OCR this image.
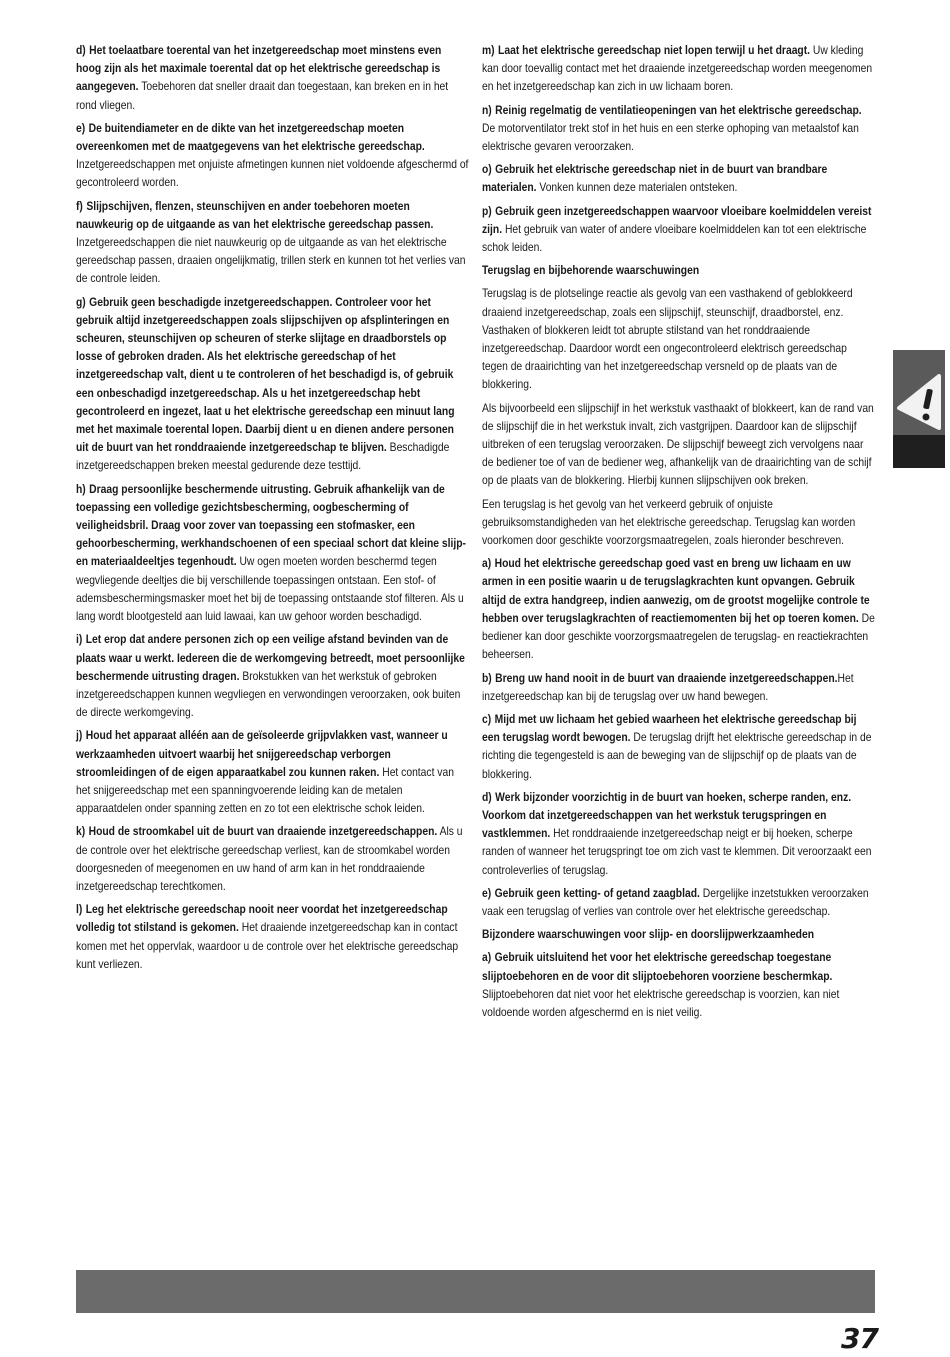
d) Het toelaatbare toerental van het inzetgereedschap moet minstens even hoog zijn als het maximale toerental dat op het elektrische gereedschap is aangegeven. Toebehoren dat sneller draait dan toegestaan, kan breken en in het rond vliegen.

e) De buitendiameter en de dikte van het inzetgereedschap moeten overeenkomen met de maatgegevens van het elektrische gereedschap. Inzetgereedschappen met onjuiste afmetingen kunnen niet voldoende afgeschermd of gecontroleerd worden.

f) Slijpschijven, flenzen, steunschijven en ander toebehoren moeten nauwkeurig op de uitgaande as van het elektrische gereedschap passen. Inzetgereedschappen die niet nauwkeurig op de uitgaande as van het elektrische gereedschap passen, draaien ongelijkmatig, trillen sterk en kunnen tot het verlies van de controle leiden.

g) Gebruik geen beschadigde inzetgereedschappen. Controleer voor het gebruik altijd inzetgereedschappen zoals slijpschijven op afsplinteringen en scheuren, steunschijven op scheuren of sterke slijtage en draadborstels op losse of gebroken draden. Als het elektrische gereedschap of het inzetgereedschap valt, dient u te controleren of het beschadigd is, of gebruik een onbeschadigd inzetgereedschap. Als u het inzetgereedschap hebt gecontroleerd en ingezet, laat u het elektrische gereedschap een minuut lang met het maximale toerental lopen. Daarbij dient u en dienen andere personen uit de buurt van het ronddraaiende inzetgereedschap te blijven. Beschadigde inzetgereedschappen breken meestal gedurende deze testtijd.

h) Draag persoonlijke beschermende uitrusting. Gebruik afhankelijk van de toepassing een volledige gezichtsbescherming, oogbescherming of veiligheidsbril. Draag voor zover van toepassing een stofmasker, een gehoorbescherming, werkhandschoenen of een speciaal schort dat kleine slijp- en materiaaldeeltjes tegenhoudt. Uw ogen moeten worden beschermd tegen wegvliegende deeltjes die bij verschillende toepassingen ontstaan. Een stof- of ademsbeschermingsmasker moet het bij de toepassing ontstaande stof filteren. Als u lang wordt blootgesteld aan luid lawaai, kan uw gehoor worden beschadigd.

i) Let erop dat andere personen zich op een veilige afstand bevinden van de plaats waar u werkt. Iedereen die de werkomgeving betreedt, moet persoonlijke beschermende uitrusting dragen. Brokstukken van het werkstuk of gebroken inzetgereedschappen kunnen wegvliegen en verwondingen veroorzaken, ook buiten de directe werkomgeving.

j) Houd het apparaat alléén aan de geïsoleerde grijpvlakken vast, wanneer u werkzaamheden uitvoert waarbij het snijgereedschap verborgen stroomleidingen of de eigen apparaatkabel zou kunnen raken. Het contact van het snijgereedschap met een spanningvoerende leiding kan de metalen apparaatdelen onder spanning zetten en zo tot een elektrische schok leiden.

k) Houd de stroomkabel uit de buurt van draaiende inzetgereedschappen. Als u de controle over het elektrische gereedschap verliest, kan de stroomkabel worden doorgesneden of meegenomen en uw hand of arm kan in het ronddraaiende inzetgereedschap terechtkomen.

l) Leg het elektrische gereedschap nooit neer voordat het inzetgereedschap volledig tot stilstand is gekomen. Het draaiende inzetgereedschap kan in contact komen met het oppervlak, waardoor u de controle over het elektrische gereedschap kunt verliezen.

m) Laat het elektrische gereedschap niet lopen terwijl u het draagt. Uw kleding kan door toevallig contact met het draaiende inzetgereedschap worden meegenomen en het inzetgereedschap kan zich in uw lichaam boren.

n) Reinig regelmatig de ventilatieopeningen van het elektrische gereedschap. De motorventilator trekt stof in het huis en een sterke ophoping van metaalstof kan elektrische gevaren veroorzaken.

o) Gebruik het elektrische gereedschap niet in de buurt van brandbare materialen. Vonken kunnen deze materialen ontsteken.

p) Gebruik geen inzetgereedschappen waarvoor vloeibare koelmiddelen vereist zijn. Het gebruik van water of andere vloeibare koelmiddelen kan tot een elektrische schok leiden.

Terugslag en bijbehorende waarschuwingen

Terugslag is de plotselinge reactie als gevolg van een vasthakend of geblokkeerd draaiend inzetgereedschap, zoals een slijpschijf, steunschijf, draadborstel, enz. Vasthaken of blokkeren leidt tot abrupte stilstand van het ronddraaiende inzetgereedschap. Daardoor wordt een ongecontroleerd elektrisch gereedschap tegen de draairichting van het inzetgereedschap versneld op de plaats van de blokkering.

Als bijvoorbeeld een slijpschijf in het werkstuk vasthaakt of blokkeert, kan de rand van de slijpschijf die in het werkstuk invalt, zich vastgrijpen. Daardoor kan de slijpschijf uitbreken of een terugslag veroorzaken. De slijpschijf beweegt zich vervolgens naar de bediener toe of van de bediener weg, afhankelijk van de draairichting van de schijf op de plaats van de blokkering. Hierbij kunnen slijpschijven ook breken.

Een terugslag is het gevolg van het verkeerd gebruik of onjuiste gebruiksomstandigheden van het elektrische gereedschap. Terugslag kan worden voorkomen door geschikte voorzorgsmaatregelen, zoals hieronder beschreven.

a) Houd het elektrische gereedschap goed vast en breng uw lichaam en uw armen in een positie waarin u de terugslagkrachten kunt opvangen. Gebruik altijd de extra handgreep, indien aanwezig, om de grootst mogelijke controle te hebben over terugslagkrachten of reactiemomenten bij het op toeren komen. De bediener kan door geschikte voorzorgsmaatregelen de terugslag- en reactiekrachten beheersen.

b) Breng uw hand nooit in de buurt van draaiende inzetgereedschappen.Het inzetgereedschap kan bij de terugslag over uw hand bewegen.

c) Mijd met uw lichaam het gebied waarheen het elektrische gereedschap bij een terugslag wordt bewogen. De terugslag drijft het elektrische gereedschap in de richting die tegengesteld is aan de beweging van de slijpschijf op de plaats van de blokkering.

d) Werk bijzonder voorzichtig in de buurt van hoeken, scherpe randen, enz. Voorkom dat inzetgereedschappen van het werkstuk terugspringen en vastklemmen. Het ronddraaiende inzetgereedschap neigt er bij hoeken, scherpe randen of wanneer het terugspringt toe om zich vast te klemmen. Dit veroorzaakt een controleverlies of terugslag.

e) Gebruik geen ketting- of getand zaagblad. Dergelijke inzetstukken veroorzaken vaak een terugslag of verlies van controle over het elektrische gereedschap.

Bijzondere waarschuwingen voor slijp- en doorslijpwerkzaamheden

a) Gebruik uitsluitend het voor het elektrische gereedschap toegestane slijptoebehoren en de voor dit slijptoebehoren voorziene beschermkap. Slijptoebehoren dat niet voor het elektrische gereedschap is voorzien, kan niet voldoende worden afgeschermd en is niet veilig.

37
